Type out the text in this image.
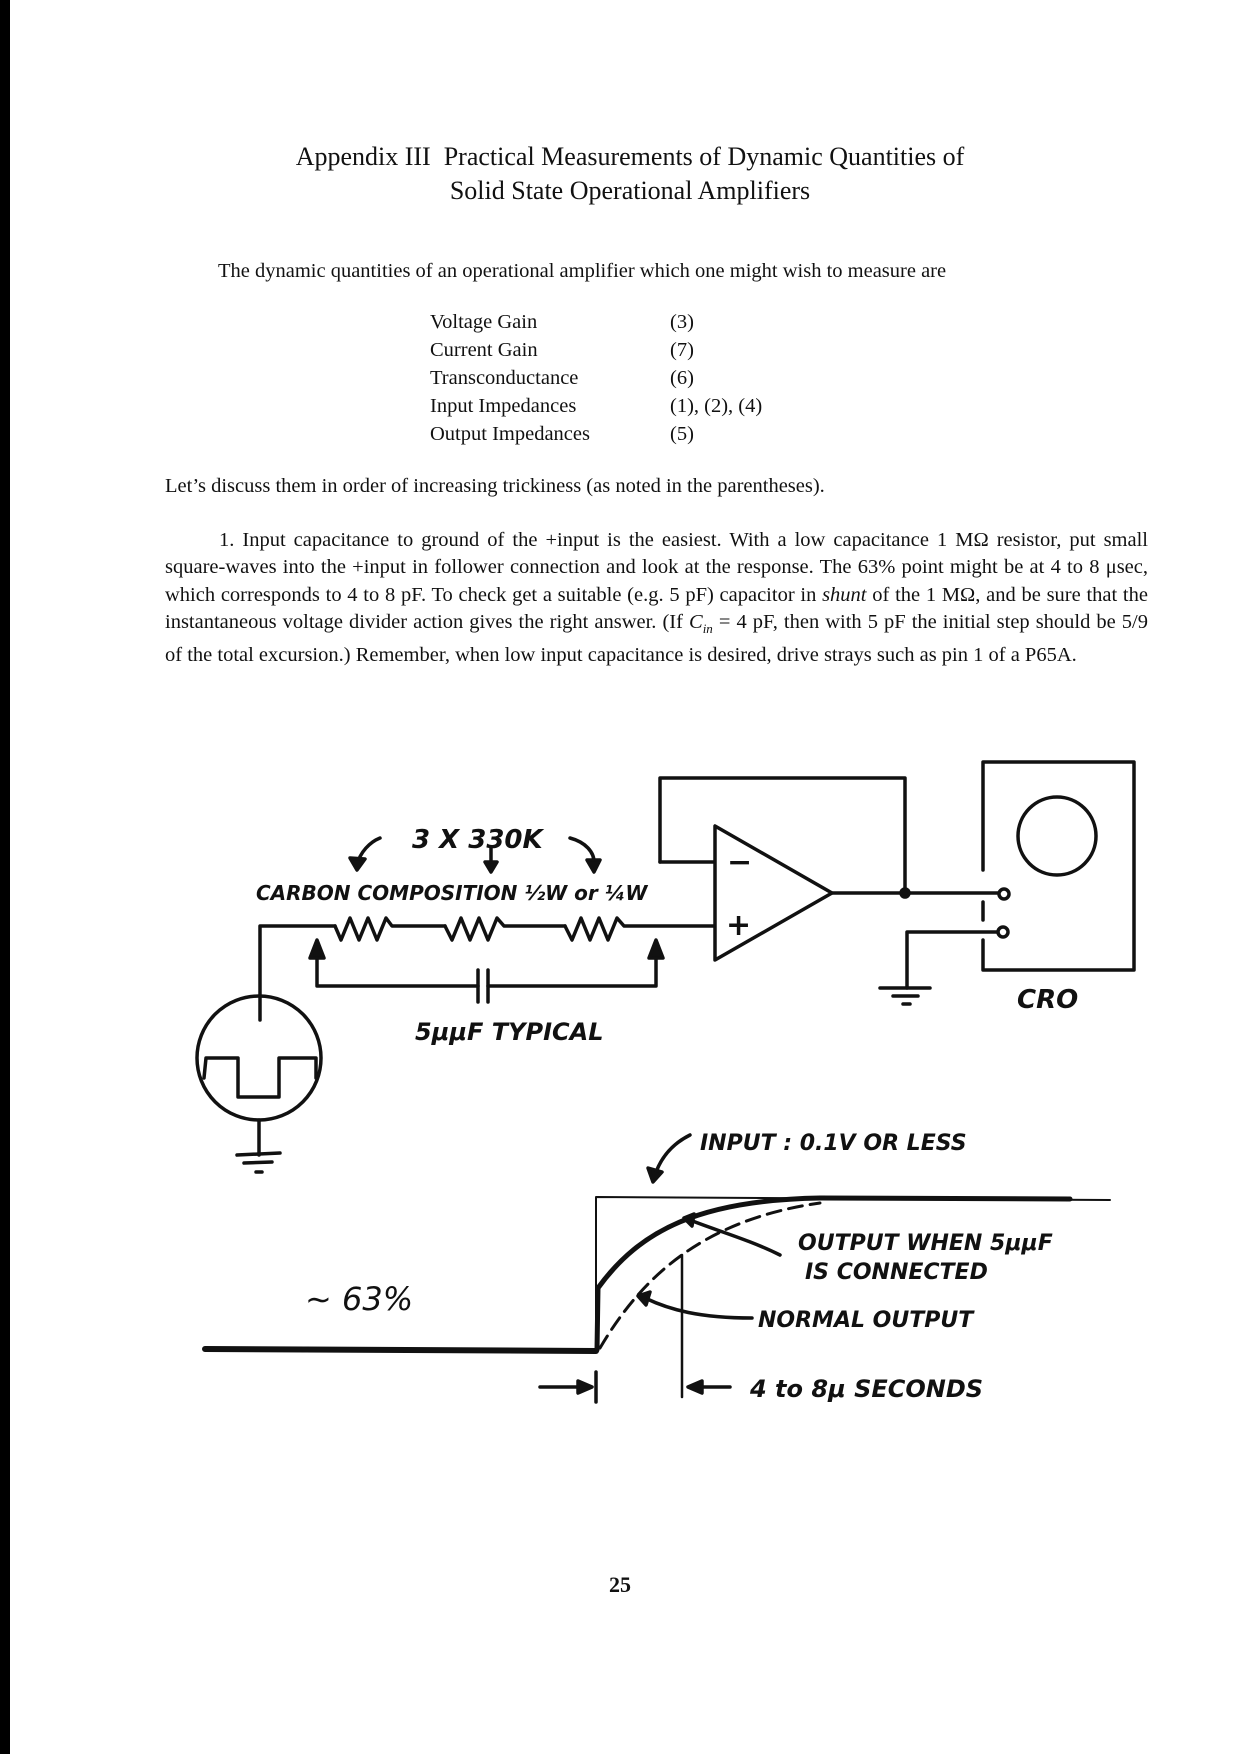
Appendix III  Practical Measurements of Dynamic Quantities of
Solid State Operational Amplifiers
The dynamic quantities of an operational amplifier which one might wish to measure are
Voltage Gain	(3)
Current Gain	(7)
Transconductance	(6)
Input Impedances	(1), (2), (4)
Output Impedances	(5)
Let’s discuss them in order of increasing trickiness (as noted in the parentheses).
1. Input capacitance to ground of the +input is the easiest. With a low capacitance 1 MΩ resistor, put small square-waves into the +input in follower connection and look at the response. The 63% point might be at 4 to 8 μsec, which corresponds to 4 to 8 pF. To check get a suitable (e.g. 5 pF) capacitor in shunt of the 1 MΩ, and be sure that the instantaneous voltage divider action gives the right answer. (If $C_{in} = 4$ pF, then with 5 pF the initial step should be 5/9 of the total excursion.) Remember, when low input capacitance is desired, drive strays such as pin 1 of a P65A.
3 X 330K
CARBON COMPOSITION ½W or ¼W
−
+
5μμF TYPICAL
CRO
INPUT : 0.1V OR LESS
OUTPUT WHEN 5μμF
IS CONNECTED
NORMAL OUTPUT
∼ 63%
4 to 8μ SECONDS
25
